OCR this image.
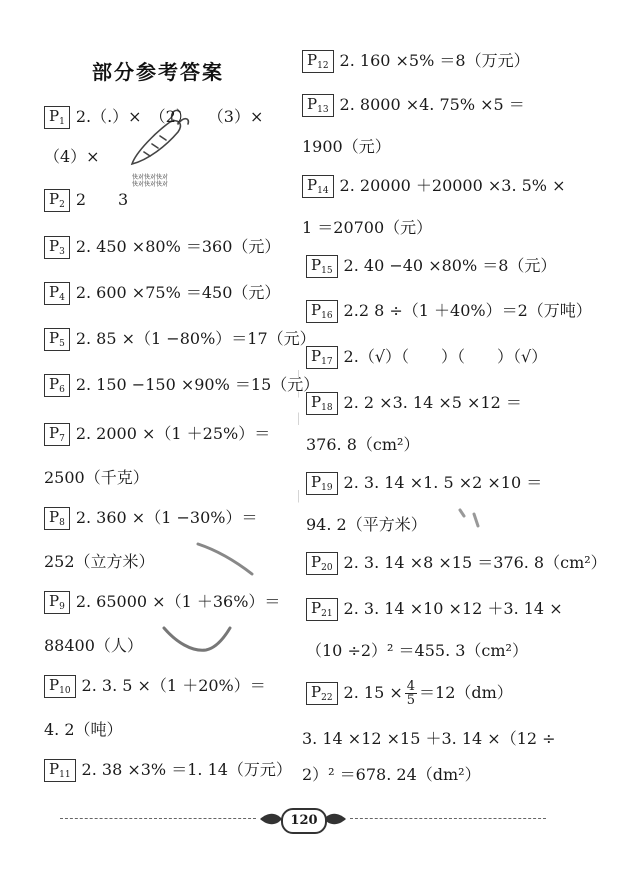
部分参考答案
快对快对快对
快对快对快对
$P_1$ 2.（.）×　（2）　　（3）×
（4）×
$P_2$ 2　　3
$P_3$ 2. 450 ×80% ＝360（元）
$P_4$ 2. 600 ×75% ＝450（元）
$P_5$ 2. 85 ×（1 −80%）＝17（元）
$P_6$ 2. 150 −150 ×90% ＝15（元）
$P_7$ 2. 2000 ×（1 ＋25%）＝
2500（千克）
$P_8$ 2. 360 ×（1 −30%）＝
252（立方米）
$P_9$ 2. 65000 ×（1 ＋36%）＝
88400（人）
$P_{10}$ 2. 3. 5 ×（1 ＋20%）＝
4. 2（吨）
$P_{11}$ 2. 38 ×3% ＝1. 14（万元）
$P_{12}$ 2. 160 ×5% ＝8（万元）
$P_{13}$ 2. 8000 ×4. 75% ×5 ＝
1900（元）
$P_{14}$ 2. 20000 ＋20000 ×3. 5% ×
1 ＝20700（元）
$P_{15}$ 2. 40 −40 ×80% ＝8（元）
$P_{16}$ 2.2 8 ÷（1 ＋40%）＝2（万吨）
$P_{17}$ 2.（√）（　　）（　　）（√）
$P_{18}$ 2. 2 ×3. 14 ×5 ×12 ＝
376. 8（cm²）
$P_{19}$ 2. 3. 14 ×1. 5 ×2 ×10 ＝
94. 2（平方米）
$P_{20}$ 2. 3. 14 ×8 ×15 ＝376. 8（cm²）
$P_{21}$ 2. 3. 14 ×10 ×12 ＋3. 14 ×
（10 ÷2）² ＝455. 3（cm²）
$P_{22}$ 2. $15 \times \frac{4}{5} =12(dm)$
3. 14 ×12 ×15 ＋3. 14 ×（12 ÷
2）² ＝678. 24（dm²）
120
